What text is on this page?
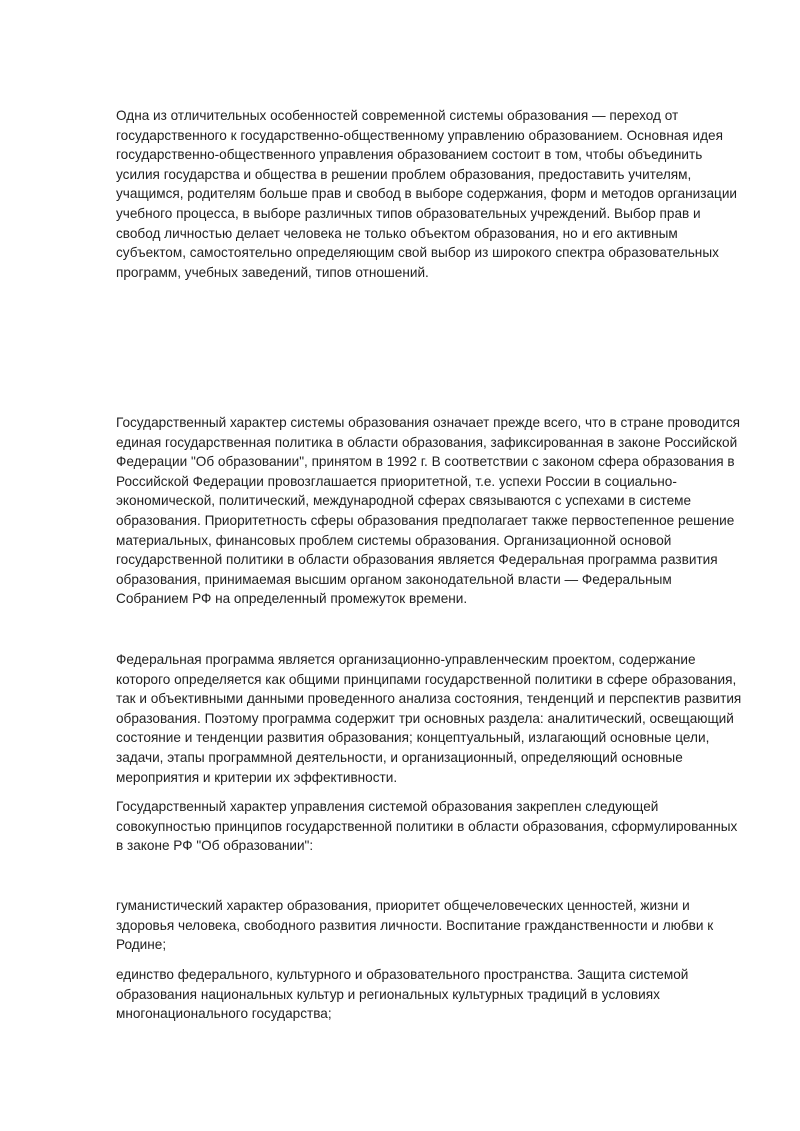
Одна из отличительных особенностей современной системы образования — переход от государственного к государственно-общественному управлению образованием. Основная идея государственно-общественного управления образованием состоит в том, чтобы объединить усилия государства и общества в решении проблем образования, предоставить учителям, учащимся, родителям больше прав и свобод в выборе содержания, форм и методов организации учебного процесса, в выборе различных типов образовательных учреждений. Выбор прав и свобод личностью делает человека не только объектом образования, но и его активным субъектом, самостоятельно определяющим свой выбор из широкого спектра образовательных программ, учебных заведений, типов отношений.

Государственный характер системы образования означает прежде всего, что в стране проводится единая государственная политика в области образования, зафиксированная в законе Российской Федерации "Об образовании", принятом в 1992 г. В соответствии с законом сфера образования в Российской Федерации провозглашается приоритетной, т.е. успехи России в социально-экономической, политический, международной сферах связываются с успехами в системе образования. Приоритетность сферы образования предполагает также первостепенное решение материальных, финансовых проблем системы образования. Организационной основой государственной политики в области образования является Федеральная программа развития образования, принимаемая высшим органом законодательной власти — Федеральным Собранием РФ на определенный промежуток времени.

Федеральная программа является организационно-управленческим проектом, содержание которого определяется как общими принципами государственной политики в сфере образования, так и объективными данными проведенного анализа состояния, тенденций и перспектив развития образования. Поэтому программа содержит три основных раздела: аналитический, освещающий состояние и тенденции развития образования; концептуальный, излагающий основные цели, задачи, этапы программной деятельности, и организационный, определяющий основные мероприятия и критерии их эффективности.

Государственный характер управления системой образования закреплен следующей совокупностью принципов государственной политики в области образования, сформулированных в законе РФ "Об образовании":

гуманистический характер образования, приоритет общечеловеческих ценностей, жизни и здоровья человека, свободного развития личности. Воспитание гражданственности и любви к Родине;

единство федерального, культурного и образовательного пространства. Защита системой образования национальных культур и региональных культурных традиций в условиях многонационального государства;
